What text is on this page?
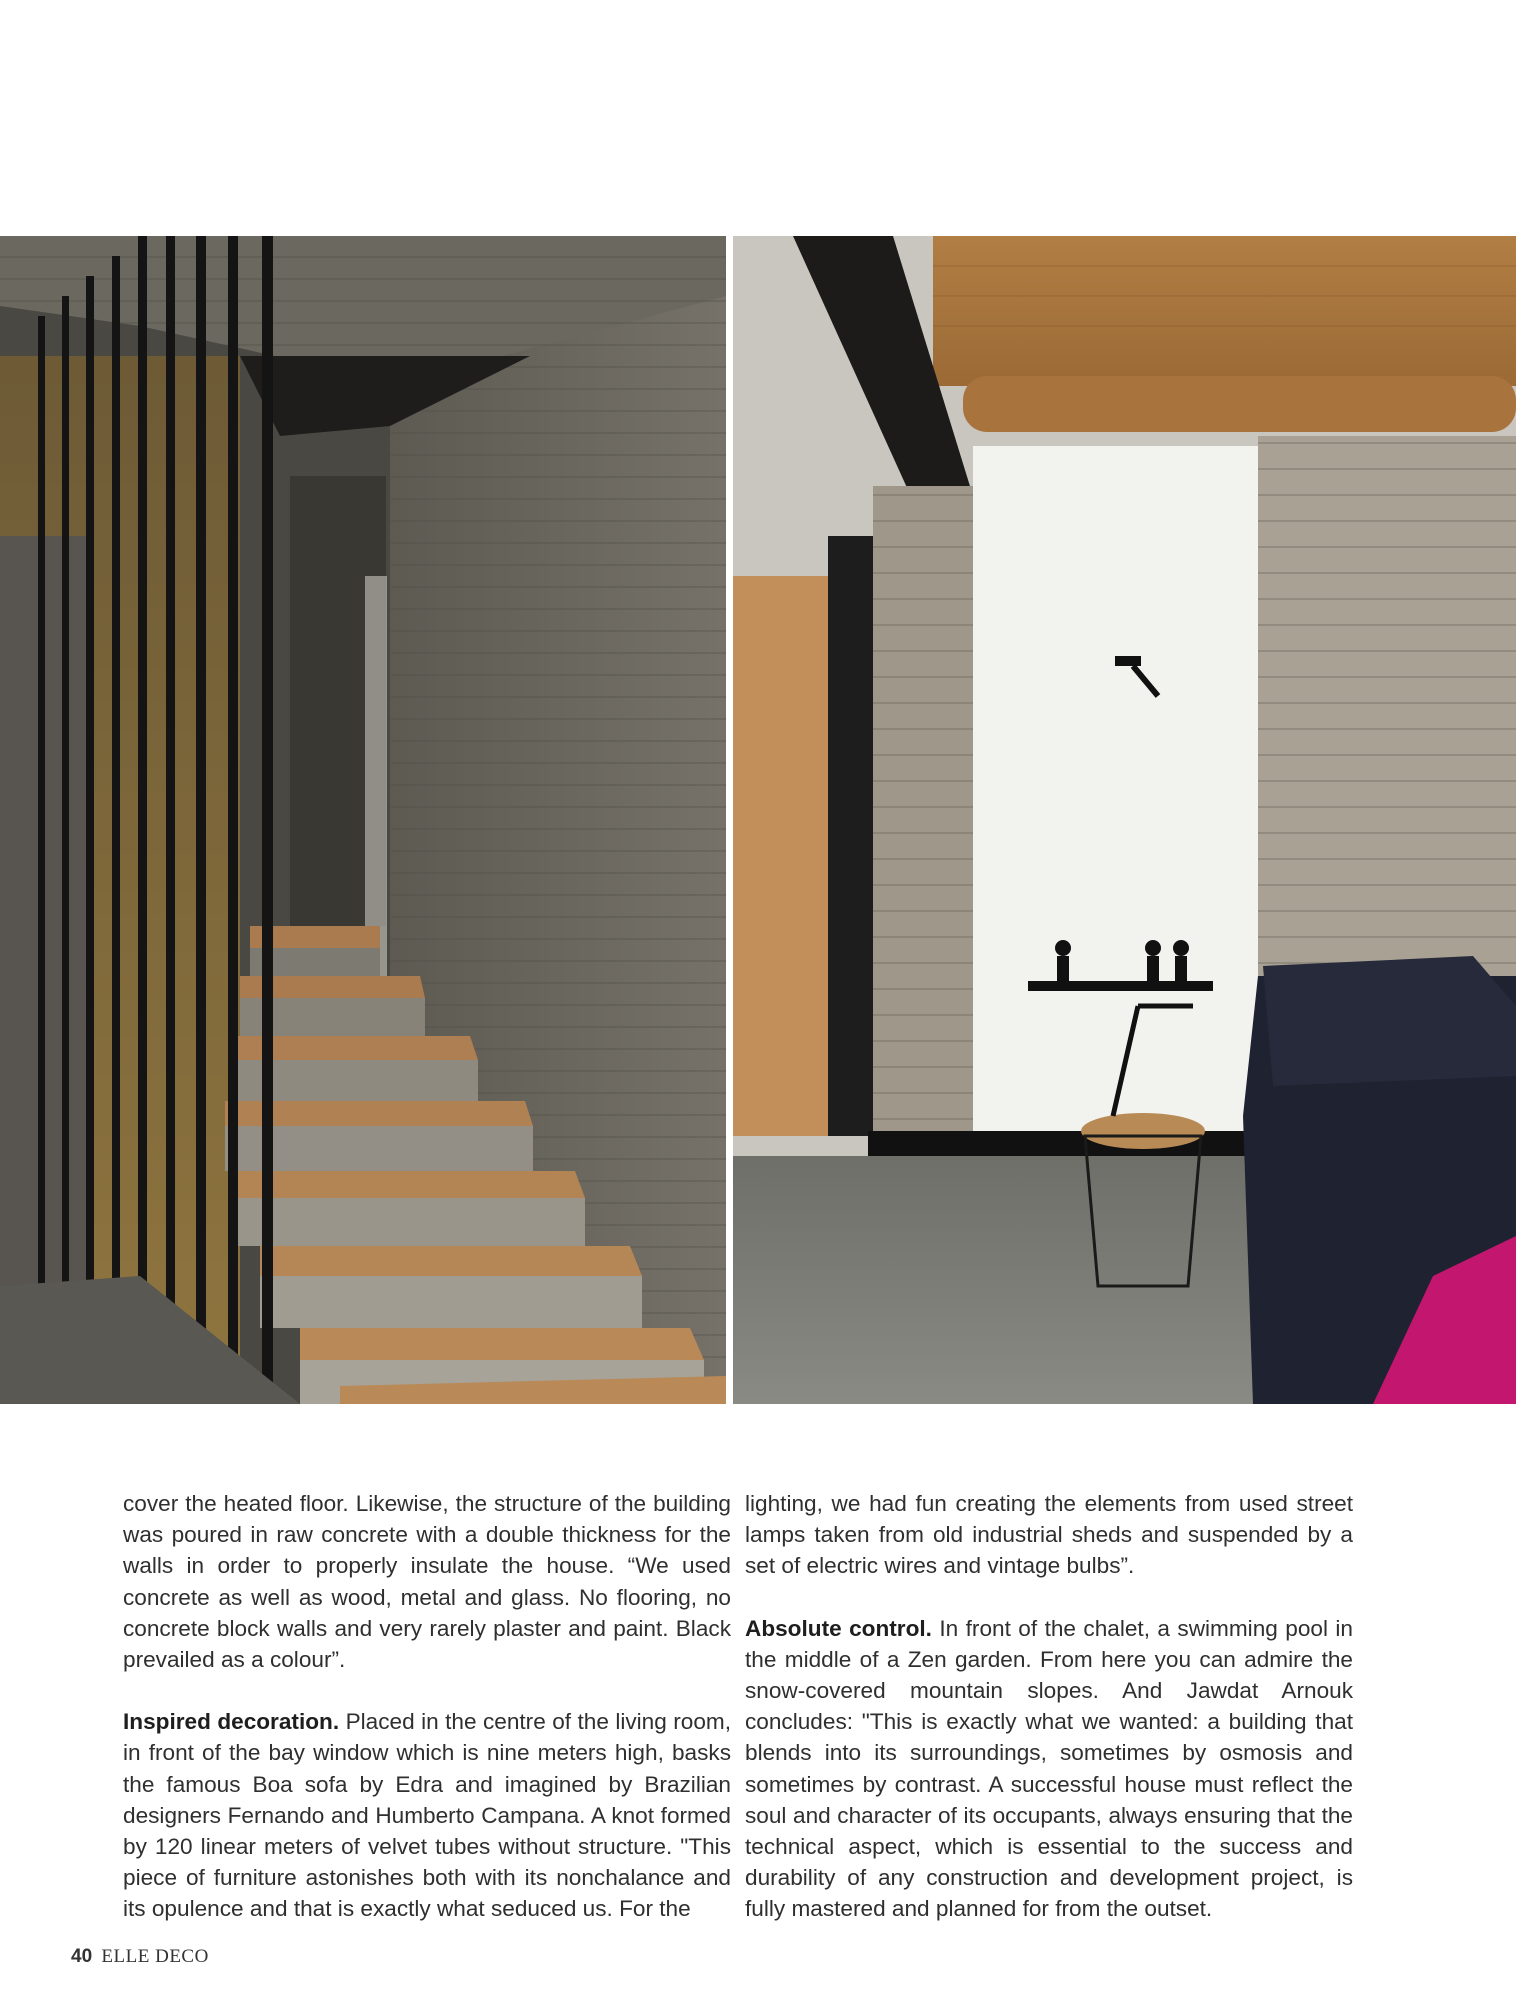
cover the heated floor. Likewise, the structure of the building was poured in raw concrete with a double thickness for the walls in order to properly insulate the house. “We used concrete as well as wood, metal and glass. No flooring, no concrete block walls and very rarely plaster and paint. Black prevailed as a colour”.

Inspired decoration. Placed in the centre of the living room, in front of the bay window which is nine meters high, basks the famous Boa sofa by Edra and imagined by Brazilian designers Fernando and Humberto Campana. A knot formed by 120 linear meters of velvet tubes without structure. "This piece of furniture astonishes both with its nonchalance and its opulence and that is exactly what seduced us. For the

lighting, we had fun creating the elements from used street lamps taken from old industrial sheds and suspended by a set of electric wires and vintage bulbs”.

Absolute control. In front of the chalet, a swimming pool in the middle of a Zen garden. From here you can admire the snow-covered mountain slopes. And Jawdat Arnouk concludes: "This is exactly what we wanted: a building that blends into its surroundings, sometimes by osmosis and sometimes by contrast. A successful house must reflect the soul and character of its occupants, always ensuring that the technical aspect, which is essential to the success and durability of any construction and development project, is fully mastered and planned for from the outset.

40 ELLE DECO
